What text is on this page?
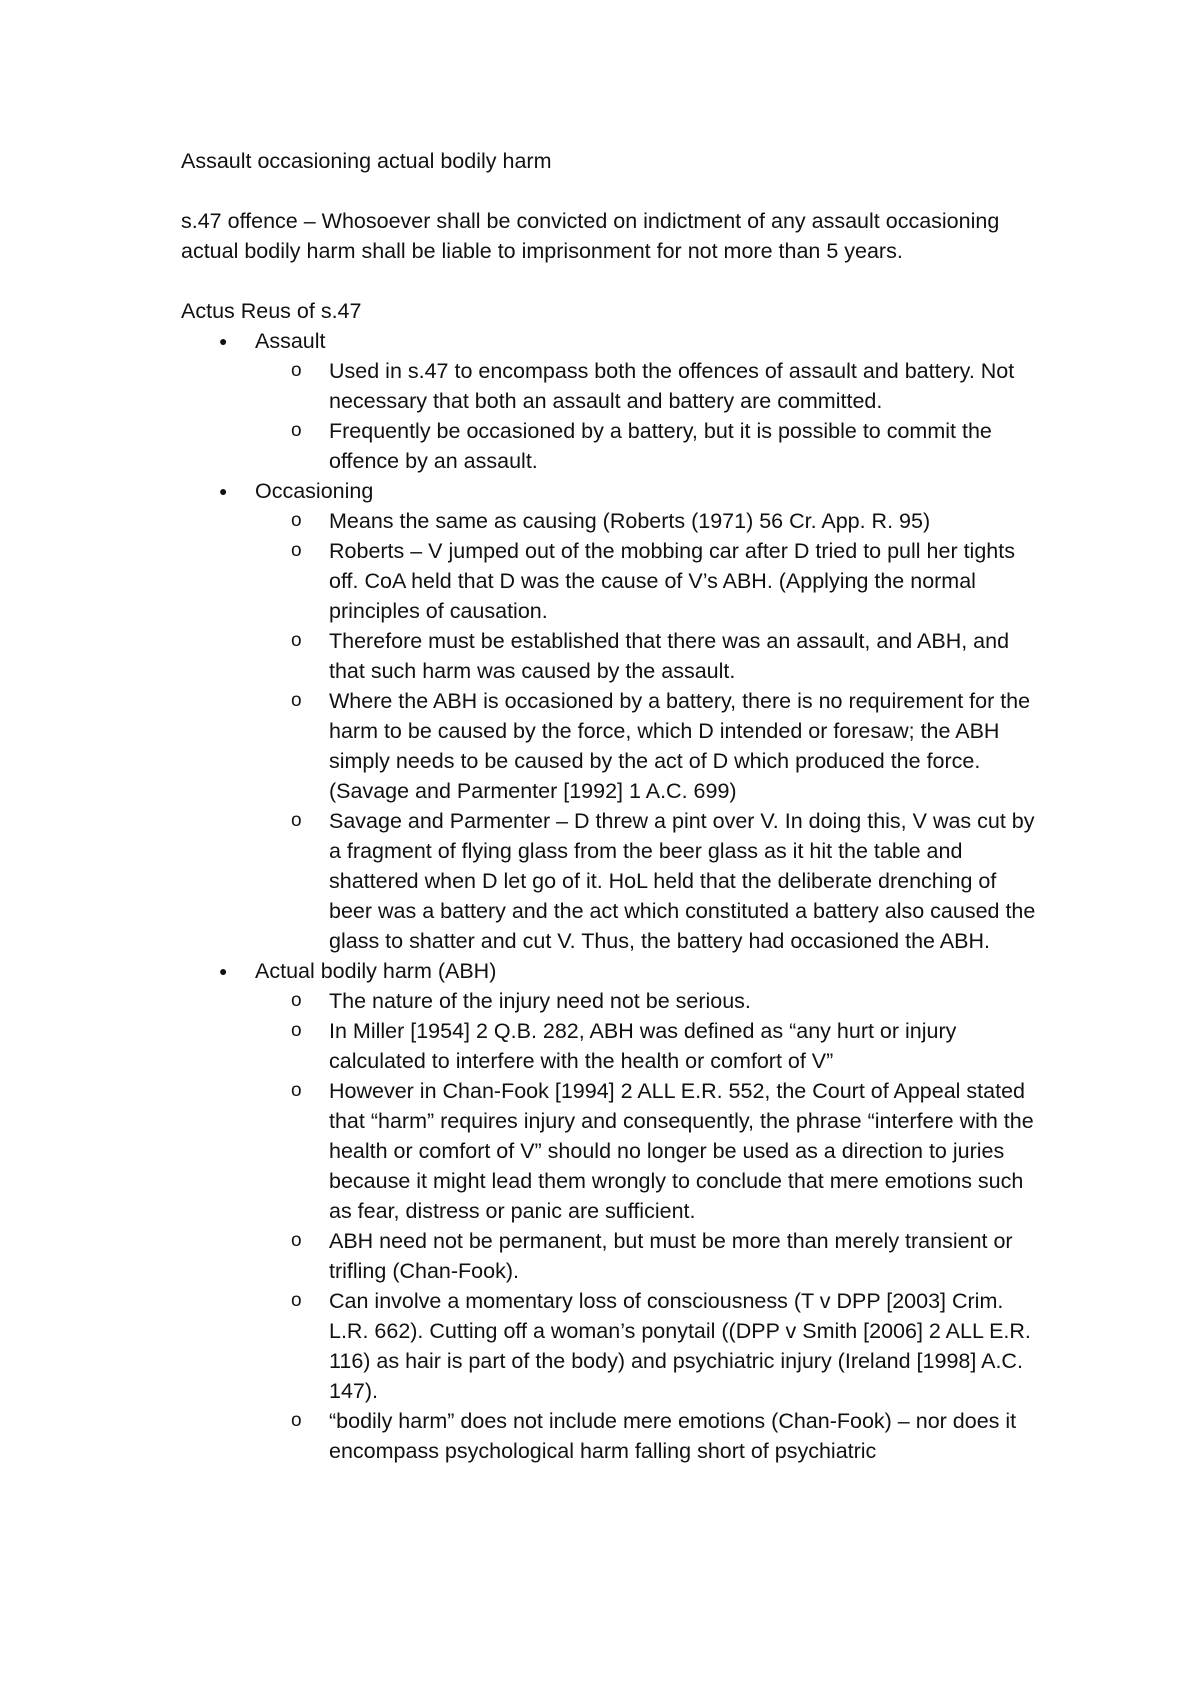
Assault occasioning actual bodily harm

s.47 offence – Whosoever shall be convicted on indictment of any assault occasioning actual bodily harm shall be liable to imprisonment for not more than 5 years.

Actus Reus of s.47

●	Assault
o	Used in s.47 to encompass both the offences of assault and battery. Not necessary that both an assault and battery are committed.
o	Frequently be occasioned by a battery, but it is possible to commit the offence by an assault.
●	Occasioning
o	Means the same as causing (Roberts (1971) 56 Cr. App. R. 95)
o	Roberts – V jumped out of the mobbing car after D tried to pull her tights off. CoA held that D was the cause of V’s ABH. (Applying the normal principles of causation.
o	Therefore must be established that there was an assault, and ABH, and that such harm was caused by the assault.
o	Where the ABH is occasioned by a battery, there is no requirement for the harm to be caused by the force, which D intended or foresaw; the ABH simply needs to be caused by the act of D which produced the force. (Savage and Parmenter [1992] 1 A.C. 699)
o	Savage and Parmenter – D threw a pint over V. In doing this, V was cut by a fragment of flying glass from the beer glass as it hit the table and shattered when D let go of it. HoL held that the deliberate drenching of beer was a battery and the act which constituted a battery also caused the glass to shatter and cut V. Thus, the battery had occasioned the ABH.
●	Actual bodily harm (ABH)
o	The nature of the injury need not be serious.
o	In Miller [1954] 2 Q.B. 282, ABH was defined as “any hurt or injury calculated to interfere with the health or comfort of V”
o	However in Chan-Fook [1994] 2 ALL E.R. 552, the Court of Appeal stated that “harm” requires injury and consequently, the phrase “interfere with the health or comfort of V” should no longer be used as a direction to juries because it might lead them wrongly to conclude that mere emotions such as fear, distress or panic are sufficient.
o	ABH need not be permanent, but must be more than merely transient or trifling (Chan-Fook).
o	Can involve a momentary loss of consciousness (T v DPP [2003] Crim. L.R. 662). Cutting off a woman’s ponytail ((DPP v Smith [2006] 2 ALL E.R. 116) as hair is part of the body) and psychiatric injury (Ireland [1998] A.C. 147).
o	“bodily harm” does not include mere emotions (Chan-Fook) – nor does it encompass psychological harm falling short of psychiatric
